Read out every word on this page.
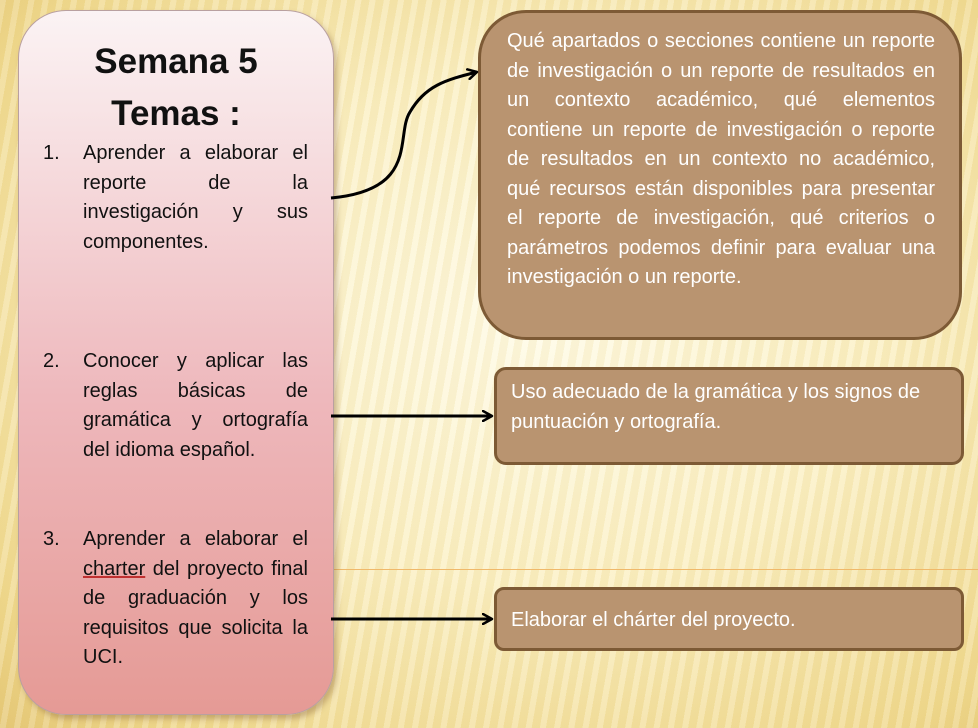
Semana 5
Temas :
1.	Aprender a elaborar el reporte de la investigación y sus componentes.
2.	Conocer y aplicar las reglas básicas de gramática y ortografía del idioma español.
3.	Aprender a elaborar el charter del proyecto final de graduación y los requisitos que solicita la UCI.
Qué apartados o secciones contiene un reporte de investigación o un reporte de resultados en un contexto académico, qué elementos contiene un reporte de investigación o reporte de resultados en un contexto no académico, qué recursos están disponibles para presentar el reporte de investigación, qué criterios o parámetros podemos definir para evaluar una investigación o un reporte.
Uso adecuado de la gramática y los signos de puntuación y ortografía.
Elaborar el chárter del proyecto.
